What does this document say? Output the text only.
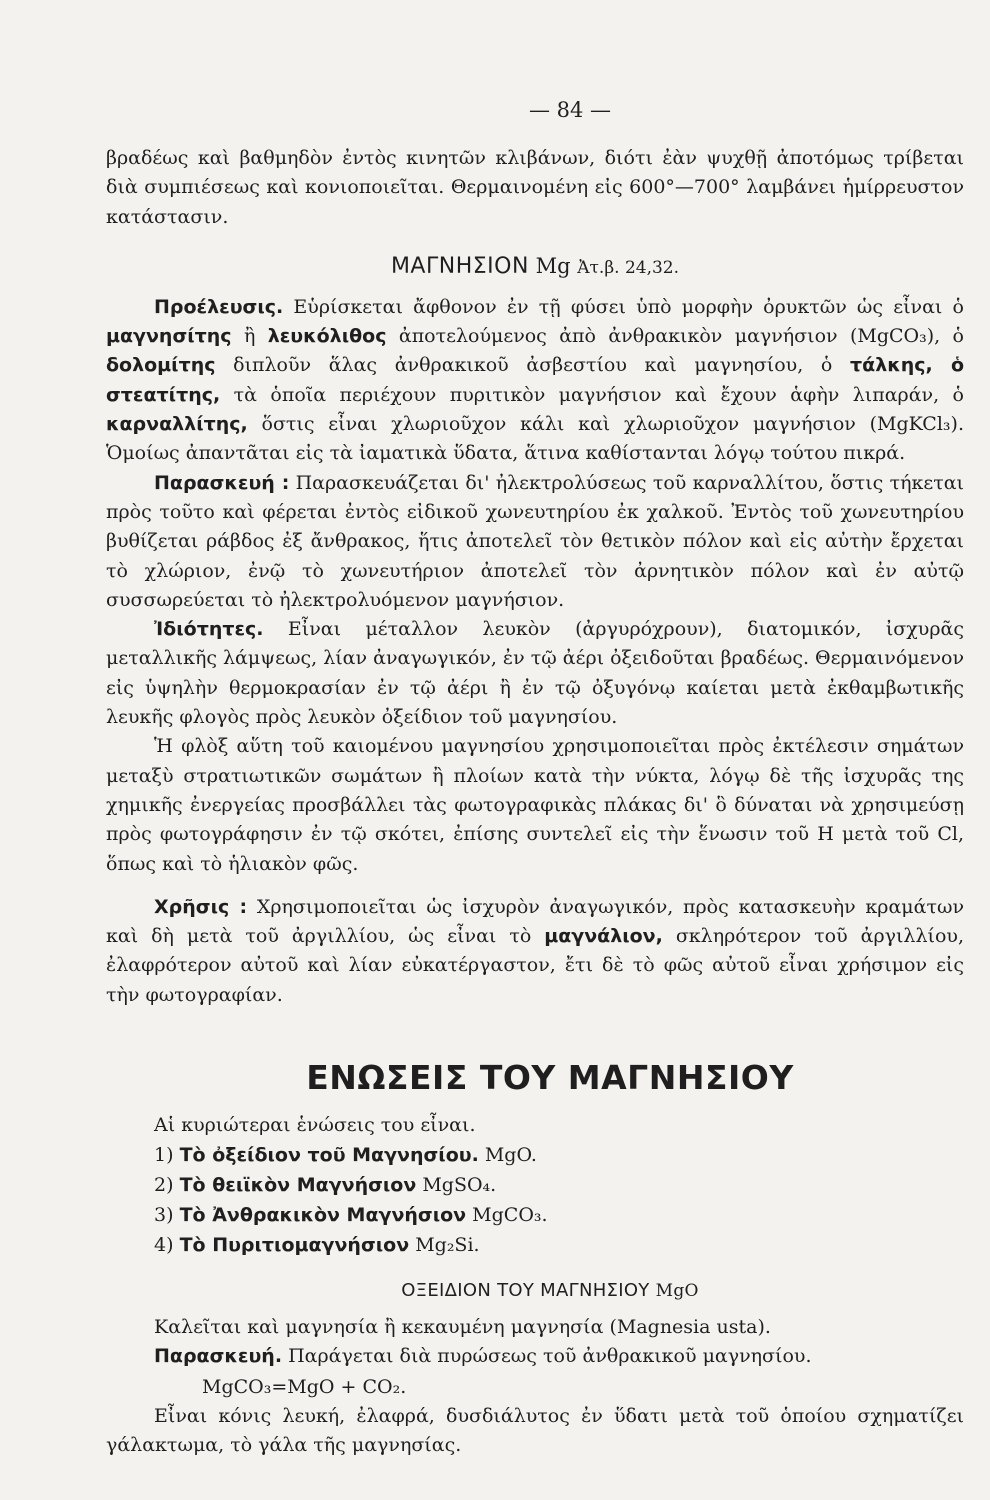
— 84 —

βραδέως καὶ βαθμηδὸν ἐντὸς κινητῶν κλιβάνων, διότι ἐὰν ψυχθῇ ἀποτόμως τρίβεται διὰ συμπιέσεως καὶ κονιοποιεῖται. Θερμαινομένη εἰς 600°—700° λαμβάνει ἡμίρρευστον κατάστασιν.

ΜΑΓΝΗΣΙΟΝ Mg Ἀτ.β. 24,32.

Προέλευσις. Εὑρίσκεται ἄφθονον ἐν τῇ φύσει ὑπὸ μορφὴν ὀρυκτῶν ὡς εἶναι ὁ μαγνησίτης ἢ λευκόλιθος ἀποτελούμενος ἀπὸ ἀνθρακικὸν μαγνήσιον (MgCO₃), ὁ δολομίτης διπλοῦν ἅλας ἀνθρακικοῦ ἀσβεστίου καὶ μαγνησίου, ὁ τάλκης, ὁ στεατίτης, τὰ ὁποῖα περιέχουν πυριτικὸν μαγνήσιον καὶ ἔχουν ἁφὴν λιπαράν, ὁ καρναλλίτης, ὅστις εἶναι χλωριοῦχον κάλι καὶ χλωριοῦχον μαγνήσιον (MgKCl₃). Ὁμοίως ἀπαντᾶται εἰς τὰ ἰαματικὰ ὕδατα, ἅτινα καθίστανται λόγῳ τούτου πικρά.

Παρασκευή : Παρασκευάζεται δι' ἠλεκτρολύσεως τοῦ καρναλλίτου, ὅστις τήκεται πρὸς τοῦτο καὶ φέρεται ἐντὸς εἰδικοῦ χωνευτηρίου ἐκ χαλκοῦ. Ἐντὸς τοῦ χωνευτηρίου βυθίζεται ράβδος ἐξ ἄνθρακος, ἥτις ἀποτελεῖ τὸν θετικὸν πόλον καὶ εἰς αὐτὴν ἔρχεται τὸ χλώριον, ἐνῷ τὸ χωνευτήριον ἀποτελεῖ τὸν ἀρνητικὸν πόλον καὶ ἐν αὐτῷ συσσωρεύεται τὸ ἠλεκτρολυόμενον μαγνήσιον.

Ἰδιότητες. Εἶναι μέταλλον λευκὸν (ἀργυρόχρουν), διατομικόν, ἰσχυρᾶς μεταλλικῆς λάμψεως, λίαν ἀναγωγικόν, ἐν τῷ ἀέρι ὀξειδοῦται βραδέως. Θερμαινόμενον εἰς ὑψηλὴν θερμοκρασίαν ἐν τῷ ἀέρι ἢ ἐν τῷ ὀξυγόνῳ καίεται μετὰ ἐκθαμβωτικῆς λευκῆς φλογὸς πρὸς λευκὸν ὀξείδιον τοῦ μαγνησίου.

Ἡ φλὸξ αὕτη τοῦ καιομένου μαγνησίου χρησιμοποιεῖται πρὸς ἐκτέλεσιν σημάτων μεταξὺ στρατιωτικῶν σωμάτων ἢ πλοίων κατὰ τὴν νύκτα, λόγῳ δὲ τῆς ἰσχυρᾶς της χημικῆς ἐνεργείας προσβάλλει τὰς φωτογραφικὰς πλάκας δι' ὃ δύναται νὰ χρησιμεύσῃ πρὸς φωτογράφησιν ἐν τῷ σκότει, ἐπίσης συντελεῖ εἰς τὴν ἕνωσιν τοῦ H μετὰ τοῦ Cl, ὅπως καὶ τὸ ἡλιακὸν φῶς.

Χρῆσις : Χρησιμοποιεῖται ὡς ἰσχυρὸν ἀναγωγικόν, πρὸς κατασκευὴν κραμάτων καὶ δὴ μετὰ τοῦ ἀργιλλίου, ὡς εἶναι τὸ μαγνάλιον, σκληρότερον τοῦ ἀργιλλίου, ἐλαφρότερον αὐτοῦ καὶ λίαν εὐκατέργαστον, ἔτι δὲ τὸ φῶς αὐτοῦ εἶναι χρήσιμον εἰς τὴν φωτογραφίαν.

ΕΝΩΣΕΙΣ ΤΟΥ ΜΑΓΝΗΣΙΟΥ
Αἱ κυριώτεραι ἑνώσεις του εἶναι.
1) Τὸ ὀξείδιον τοῦ Μαγνησίου. MgO.
2) Τὸ θειϊκὸν Μαγνήσιον MgSO₄.
3) Τὸ Ἀνθρακικὸν Μαγνήσιον MgCO₃.
4) Τὸ Πυριτιομαγνήσιον Mg₂Si.
ΟΞΕΙΔΙΟΝ ΤΟΥ ΜΑΓΝΗΣΙΟΥ MgO

Καλεῖται καὶ μαγνησία ἢ κεκαυμένη μαγνησία (Magnesia usta).

Παρασκευή. Παράγεται διὰ πυρώσεως τοῦ ἀνθρακικοῦ μαγνησίου.

MgCO₃=MgO + CO₂.

Εἶναι κόνις λευκή, ἐλαφρά, δυσδιάλυτος ἐν ὕδατι μετὰ τοῦ ὁποίου σχηματίζει γάλακτωμα, τὸ γάλα τῆς μαγνησίας.
